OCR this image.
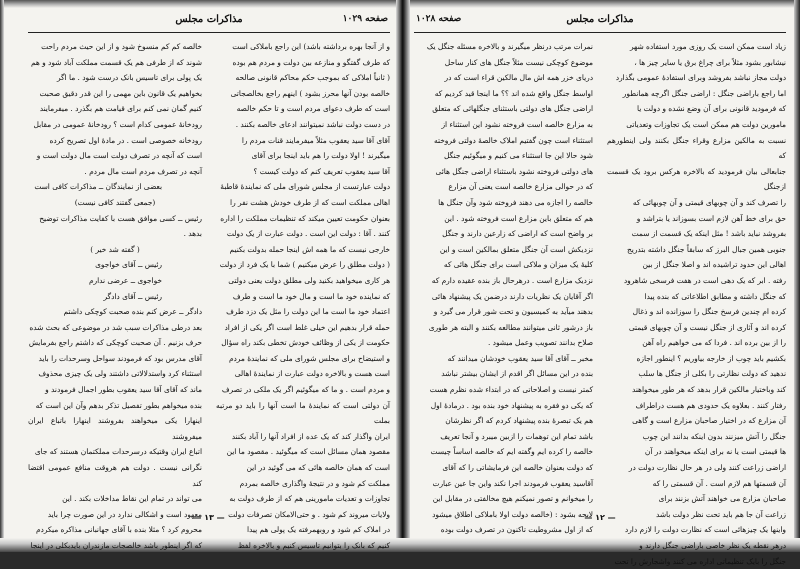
صفحه ۱۰۲۹
مذاکرات مجلس

و از آنجا بهره برداشته باشد) این راجع باملاکی است

که طرف گفتگو و منازعه بین دولت و مردم هم بوده

( ثانیاً املاکی که بموجب حکم محاکم قانونی صالحه

خالصه بودن آنها محرز بشود ) اینهم راجع بخالصجاتی

است که طرف دعوای مردم است و تا حکم خالصه

در دست دولت نباشد نمیتوانند ادعای خالصه بکنند .

آقای آقا سید یعقوب مثلاً میفرمایند قنات مردم را

میگیرند ! اولا دولت را هم باید اینجا برای آقای

آقا سید یعقوب تعریف کنم که دولت کیست ؟

دولت عبارتست از مجلس شورای ملی که نمایندهٔ قاطبهٔ

اهالی مملکت است که از طرف خودش هشت نفر را

بعنوان حکومت تعیین میکند که تنظیمات مملکت را اداره

کنند . آقا : دولت این است . دولت عبارت از یک دولت

خارجی نیست که ما همه اش اینجا حمله بدولت بکنیم

( دولت مطلق را عرض میکنیم ) شما با یک فرد از دولت

هر کاری میخواهید بکنید ولی مطلق دولت یعنی دولتی

که نماینده خود ما است و مال خود ما است و طرف

اعتماد خود ما است ما این دولت را مثل یک دزد طرف

حمله قرار بدهیم این خیلی غلط است اگر یکی از افراد

حکومت از یکی از وظائف خودش تخطی بکند راه سؤال

و استیضاح برای مجلس شورای ملی که نمایندهٔ مردم

است هست و بالاخره دولت عبارت از نمایندهٔ اهالی

و مردم است . و ما که میگوئیم اگر یک ملکی در تصرف

آن دولتی است که نمایندهٔ ما است آنها را باید دو مرتبه بملت

ایران واگذار کند که یک عده از افراد آنها را آباد بکنند

مقصود همان مسائل است که میگوئید . مقصود ما این

است که همان خالصه هائی که می گوئید در این

مملکت کم شود و در نتیجهٔ واگذاری خالصه بمردم

تجاوزات و تعدیات مامورینی هم که از طرف دولت به

ولایات میروند کم شود . و حتی‌الامکان تصرفات دولت

در املاک کم شود و روبهمرفته یک پولی هم پیدا

کنیم که بانک را بتوانیم تاسیس کنیم و بالاخره لفظ

خالصه کم کم منسوخ شود و از این حیث مردم راحت

شوند که از طرفی هم یک قسمت مملکت آباد شود و هم

یک پولی برای تاسیس بانک درست شود . ما اگر

بخواهیم یک قانون باین مهمی را این قدر دقیق صحبت

کنیم گمان نمی کنم برای قیامت هم بگذرد . میفرمایند

رودخانهٔ عمومی کدام است ؟ رودخانهٔ عمومی در مقابل

رودخانه خصوصی است . در مادهٔ اول تصریح کرده

است که آنچه در تصرف دولت است مال دولت است و

آنچه در تصرف مردم است مال مردم .

بعضی از نمایندگان ــ مذاکرات کافی است

(جمعی گفتند کافی نیست)

رئیس ــ کسی موافق هست با کفایت مذاکرات توضیح

بدهد .

( گفته شد خیر )

رئیس ــ آقای خواجوی

خواجوی ــ عرضی ندارم

رئیس ــ آقای دادگر

دادگر ــ عرض کنم بنده صحبت کوچکی داشتم

بعد درطی مذاکرات سبب شد در موضوعی که بحث شده

حرف بزنیم . آن صحبت کوچکی که داشتم راجع بفرمایش

آقای مدرس بود که فرمودند سواحل وسرحدات را باید

استثناء کرد واستدلالاتی داشتند ولی یک چیزی محذوف

ماند که آقای آقا سید یعقوب بطور اجمال فرمودند و

بنده میخواهم بطور تفصیل تذکر بدهم وآن این است که

اینهارا یکی میخواهند بفروشند اینهارا باتباع ایران میفروشند

اتباع ایران وقتیکه درسرحدات مملکتمان هستند که جای

نگرانی نیست . دولت هم هروقت منافع عمومی اقتضا کند

می تواند در تمام این نقاط مداخلات بکند . این

معهود است و اشکالی ندارد در این صورت چرا باید

محروم کرد ؟ مثلا بنده با آقای جهانبانی مذاکره میکردم

که اگر اینطور باشد خالصجات مازندران بایدبکلی در اینجا

— ۱۳ —
صفحه ۱۰۲۸	مذاکرات مجلس

زیاد است ممکن است یک روزی مورد استفاده شهر

نیشابور بشود مثلاً برای چراغ برق یا سایر چیز ها ،

دولت مجاز نباشد بفروشد وبرای استفادهٔ عمومی بگذارد

اما راجع باراضی جنگل : اراضی جنگل اگرچه همانطور

که فرمودید قانونی برای آن وضع نشده و دولت یا

مامورین دولت هم ممکن است یک تجاوزات وتعدیاتی

نسبت به مالکین مزارع وقراء جنگل بکنند ولی اینطورهم که

جنابعالی بیان فرمودید که بالاخره هرکس برود یک قسمت ازجنگل

را تصرف کند و آن چوبهای قیمتی و آن چوبهائی که

حق برای خط آهن لازم است بسوزاند یا بتراشد و

بفروشد نباید باشد ! مثل اینکه یک قسمت از سمت

جنوبی همین جبال البرز که سابقاً جنگل داشته بتدریج

اهالی این حدود تراشیده اند و اصلا جنگل از بین

رفته . ابر که یک دهی است در هفت فرسخی شاهرود

که جنگل داشته و مطابق اطلاعاتی که بنده پیدا

کرده ام چندین فرسخ جنگل را سوزانده اند و ذغال

کرده اند و آثاری از جنگل نیست و آن چوبهای قیمتی

را از بین برده اند . فردا که می خواهیم راه آهن

بکشیم باید چوب از خارجه بیاوریم ؟ اینطور اجازه

ندهید که دولت نظارتی را بکلی از جنگل ها سلب

کند وباختیار مالکین قرار بدهد که هر طور میخواهند

رفتار کنند . بعلاوه یک حدودی هم هست دراطراف

آن مزارع که در اختیار صاحبان مزارع است و گاهی

جنگل را آتش میزنند بدون اینکه بدانند این چوب

ها قیمتی است یا نه برای اینکه میخواهند در آن

اراضی زراعت کنند ولی در هر حال نظارت دولت در

آن قسمتها هم لازم است . آن قسمتی را که

صاحبان مزارع می خواهند آتش بزنند برای

زراعت آن جا هم باید تحت نظر دولت باشد

واینها یک چیزهائی است که نظارت دولت را لازم دارد

درهر نقطه یک نظر خاصی باراضی جنگل دارند و

جنگل را بایک تنظیماتی اداره می کنند واشجارش را تحت

نمرات مرتب درنظر میگیرند و بالاخره مسئله جنگل یک

موضوع کوچکی نیست مثلاً جنگل های کنار ساحل

دریای خزر همه اش مال مالکین قراء است که در

اواسط جنگل واقع شده اند ؟؟ ما اینجا قید کردیم که

اراضی جنگل های دولتی باستثنای جنگلهائی که متعلق

به مزارع خالصه است فروخته نشود این استثناء از

استثناء است چون گفتیم املاک خالصهٔ دولتی فروخته

شود حالا این جا استثناء می کنیم و میگوئیم جنگل

های دولتی فروخته نشود باستثناء اراضی جنگل هائی

که در حوالی مزارع خالصه است یعنی آن مزارع

خالصه را اجازه می دهند فروخته شود وآن جنگل ها

هم که متعلق باین مزارع است فروخته شود . این

بر واضح است که اراضی که زارعین دارند و جنگل

نزدیکش است آن جنگل متعلق بمالکین است و این

کلیهٔ یک میزان و ملاکی است برای جنگل هائی که

نزدیک مزارع است . درهرحال باز بنده عقیده دارم که

اگر آقایان یک نظریات دارند درضمن یک پیشنهاد هائی

بدهند میآید به کمیسیون و تحت شور قرار می گیرد و

باز درشور ثانی میتوانند مطالعه بکنند و البته هر طوری

صلاح بدانند تصویب وعمل میشود .

مخبر ــ آقای آقا سید یعقوب خودشان میدانند که

بنده در این مسائل اگر اقدم از ایشان بیشتر نباشد

کمتر نیست و اصلاحاتی که در ابتداء شده نظرم هست

که یکی دو فقره به پیشنهاد خود بنده بود . درمادهٔ اول

هم یک تبصرهٔ بنده پیشنهاد کردم که اگر نظرشان

باشد تمام این توهمات را ازبین میبرد و آنجا تعریف

خالصه را کرده ایم وگفته ایم که خالصه اساساً چیست

که دولت بعنوان خالصه این فرمایشاتی را که آقای

آقاسید یعقوب فرمودند اجرا نکند واین جا عین عبارت

را میخوانم و تصور نمیکنم هیچ مخالفتی در مقابل این

لایحه بشود : (خالصه دولت اولا باملاکی اطلاق میشود

که از اول مشروطیت تاکنون در تصرف دولت بوده

— ۱۲ —
